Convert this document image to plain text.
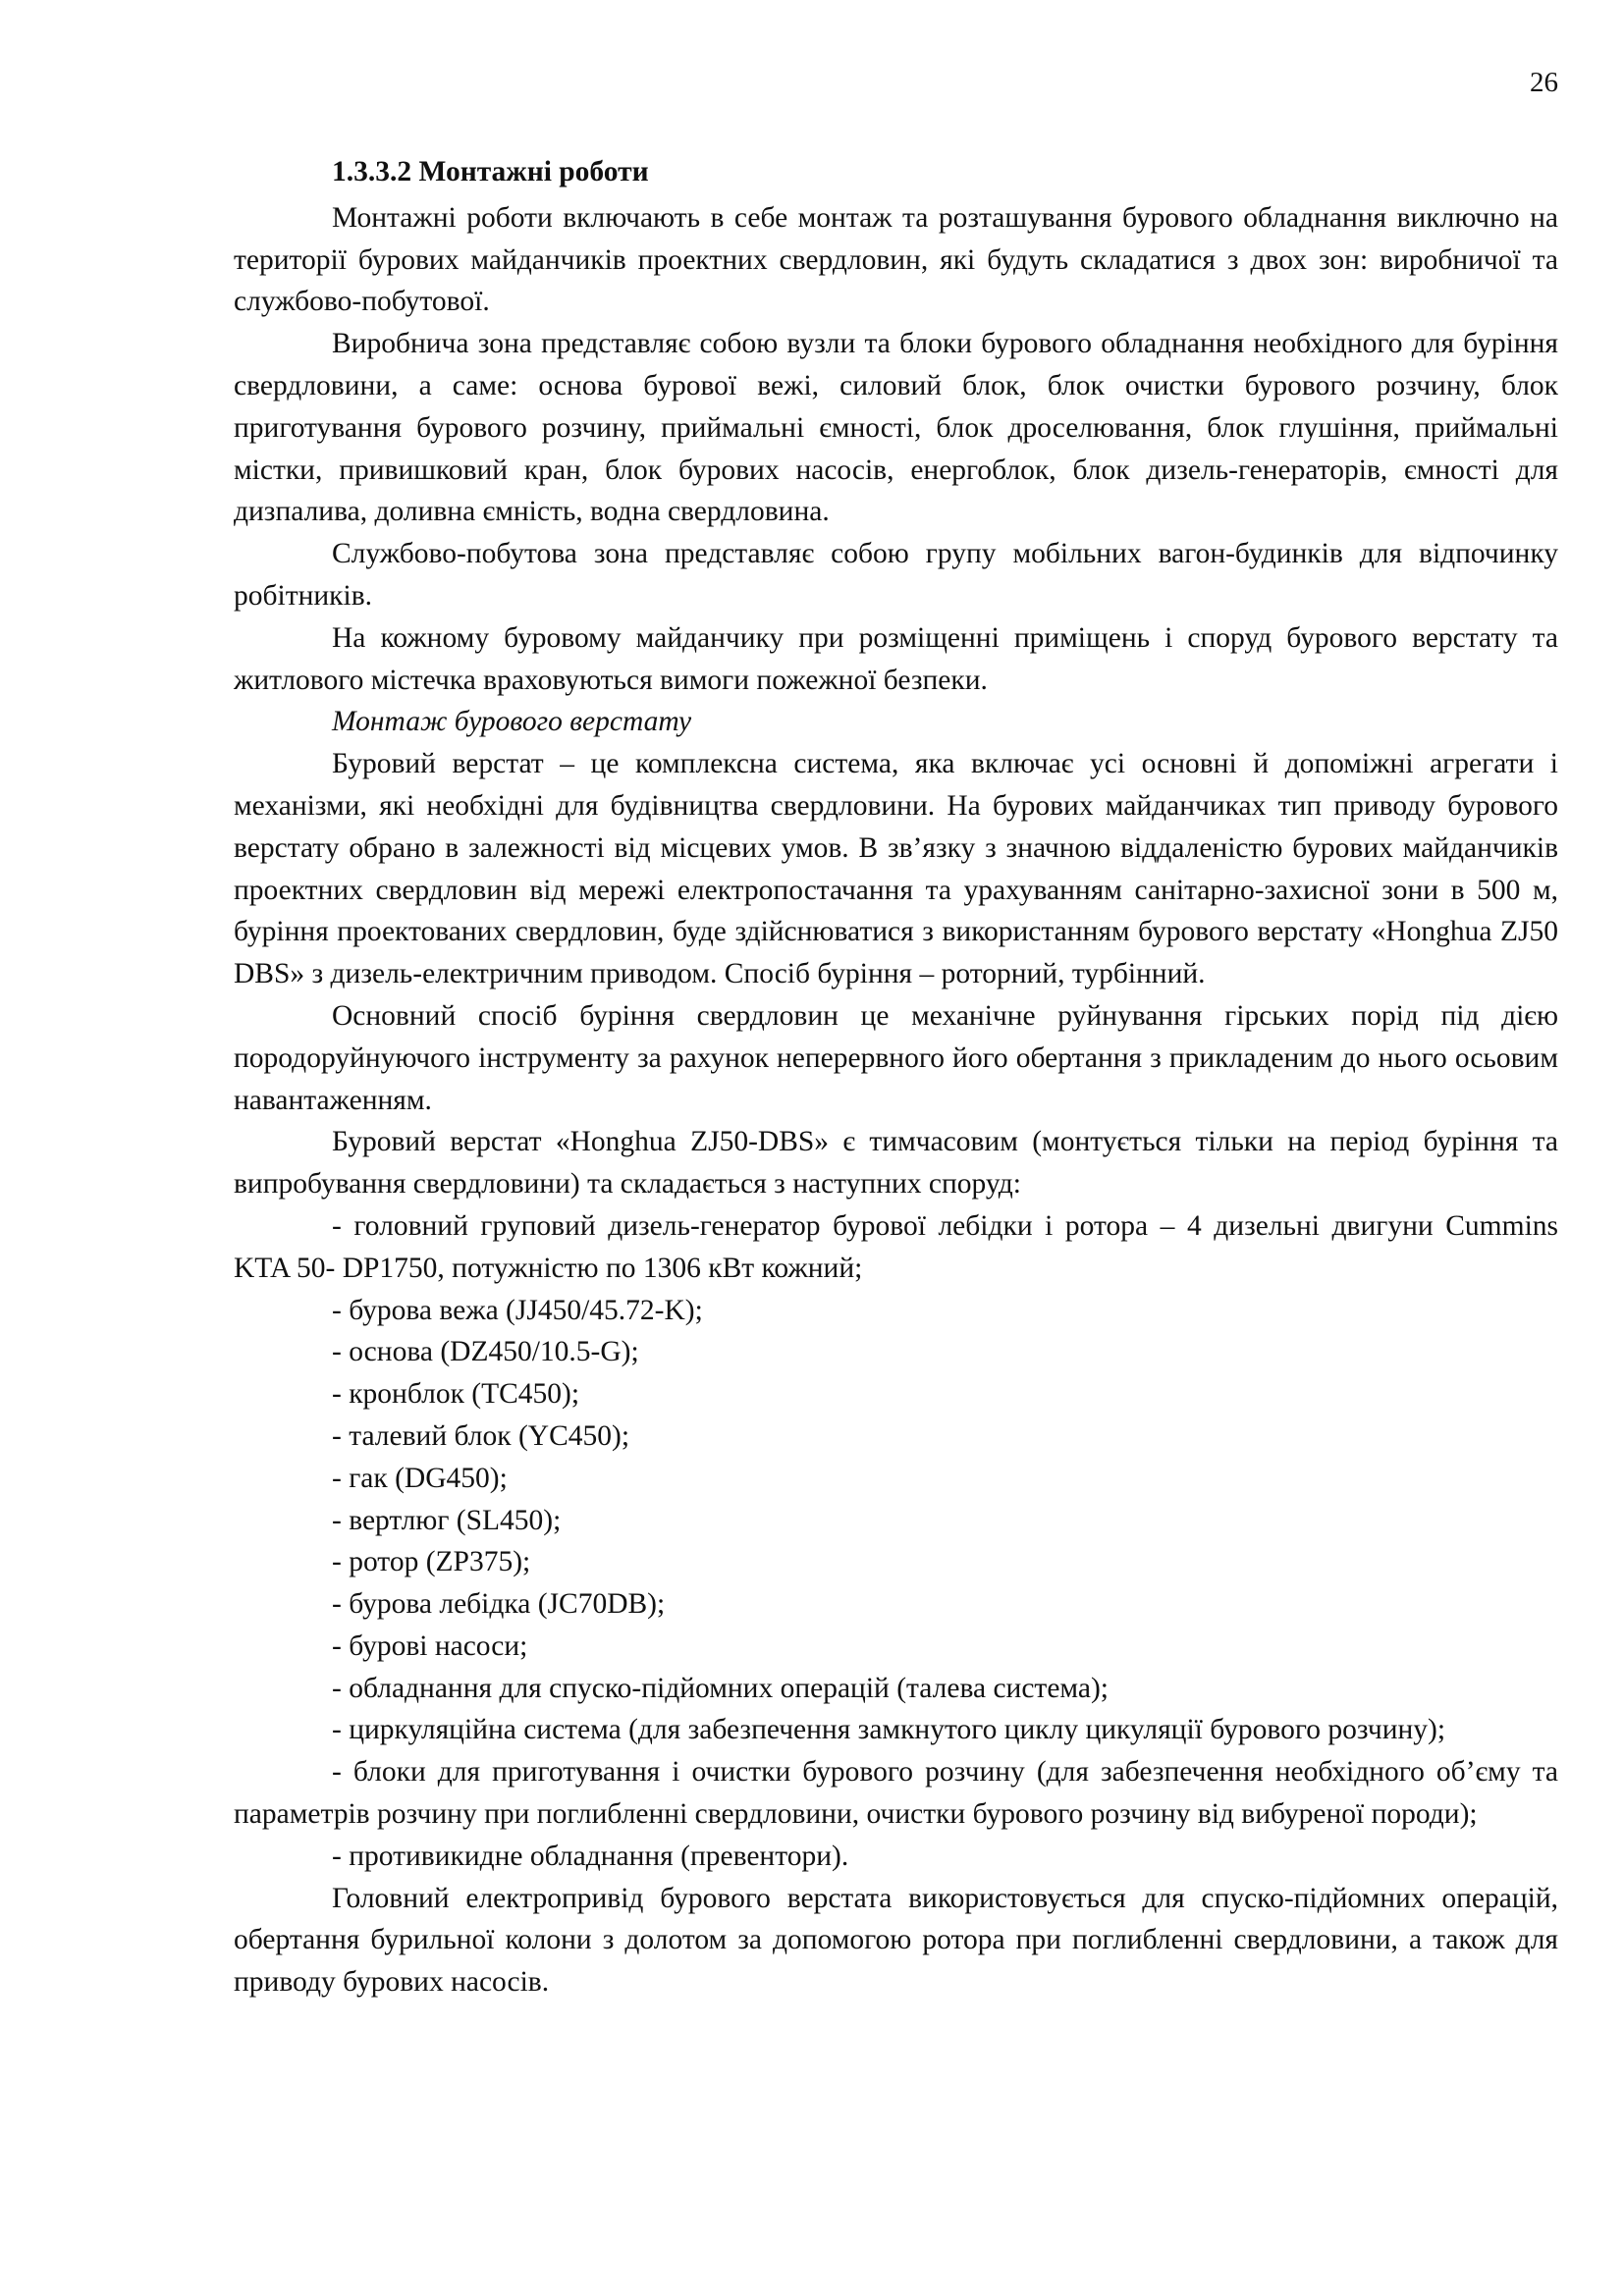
26

1.3.3.2 Монтажні роботи

Монтажні роботи включають в себе монтаж та розташування бурового обладнання виключно на території бурових майданчиків проектних свердловин, які будуть складатися з двох зон: виробничої та службово-побутової.

Виробнича зона представляє собою вузли та блоки бурового обладнання необхідного для буріння свердловини, а саме: основа бурової вежі, силовий блок, блок очистки бурового розчину, блок приготування бурового розчину, приймальні ємності, блок дроселювання, блок глушіння, приймальні містки, привишковий кран, блок бурових насосів, енергоблок, блок дизель-генераторів, ємності для дизпалива, доливна ємність, водна свердловина.

Службово-побутова зона представляє собою групу мобільних вагон-будинків для відпочинку робітників.

На кожному буровому майданчику при розміщенні приміщень і споруд бурового верстату та житлового містечка враховуються вимоги пожежної безпеки.

Монтаж бурового верстату

Буровий верстат – це комплексна система, яка включає усі основні й допоміжні агрегати і механізми, які необхідні для будівництва свердловини. На бурових майданчиках тип приводу бурового верстату обрано в залежності від місцевих умов. В зв’язку з значною віддаленістю бурових майданчиків проектних свердловин від мережі електропостачання та урахуванням санітарно-захисної зони в 500 м, буріння проектованих свердловин, буде здійснюватися з використанням бурового верстату «Honghua ZJ50 DBS» з дизель-електричним приводом. Спосіб буріння – роторний, турбінний.

Основний спосіб буріння свердловин це механічне руйнування гірських порід під дією породоруйнуючого інструменту за рахунок неперервного його обертання з прикладеним до нього осьовим навантаженням.

Буровий верстат «Honghua ZJ50-DBS» є тимчасовим (монтується тільки на період буріння та випробування свердловини) та складається з наступних споруд:

- головний груповий дизель-генератор бурової лебідки і ротора – 4 дизельні двигуни Cummins KTA 50- DP1750, потужністю по 1306 кВт кожний;

- бурова вежа (JJ450/45.72-K);

- основа (DZ450/10.5-G);

- кронблок (TC450);

- талевий блок (YC450);

- гак (DG450);

- вертлюг (SL450);

- ротор (ZP375);

- бурова лебідка (JC70DB);

- бурові насоси;

- обладнання для спуско-підйомних операцій (талева система);

- циркуляційна система (для забезпечення замкнутого циклу цикуляції бурового розчину);

- блоки для приготування і очистки бурового розчину (для забезпечення необхідного об’єму та параметрів розчину при поглибленні свердловини, очистки бурового розчину від вибуреної породи);

- противикидне обладнання (превентори).

Головний електропривід бурового верстата використовується для спуско-підйомних операцій, обертання бурильної колони з долотом за допомогою ротора при поглибленні свердловини, а також для приводу бурових насосів.
